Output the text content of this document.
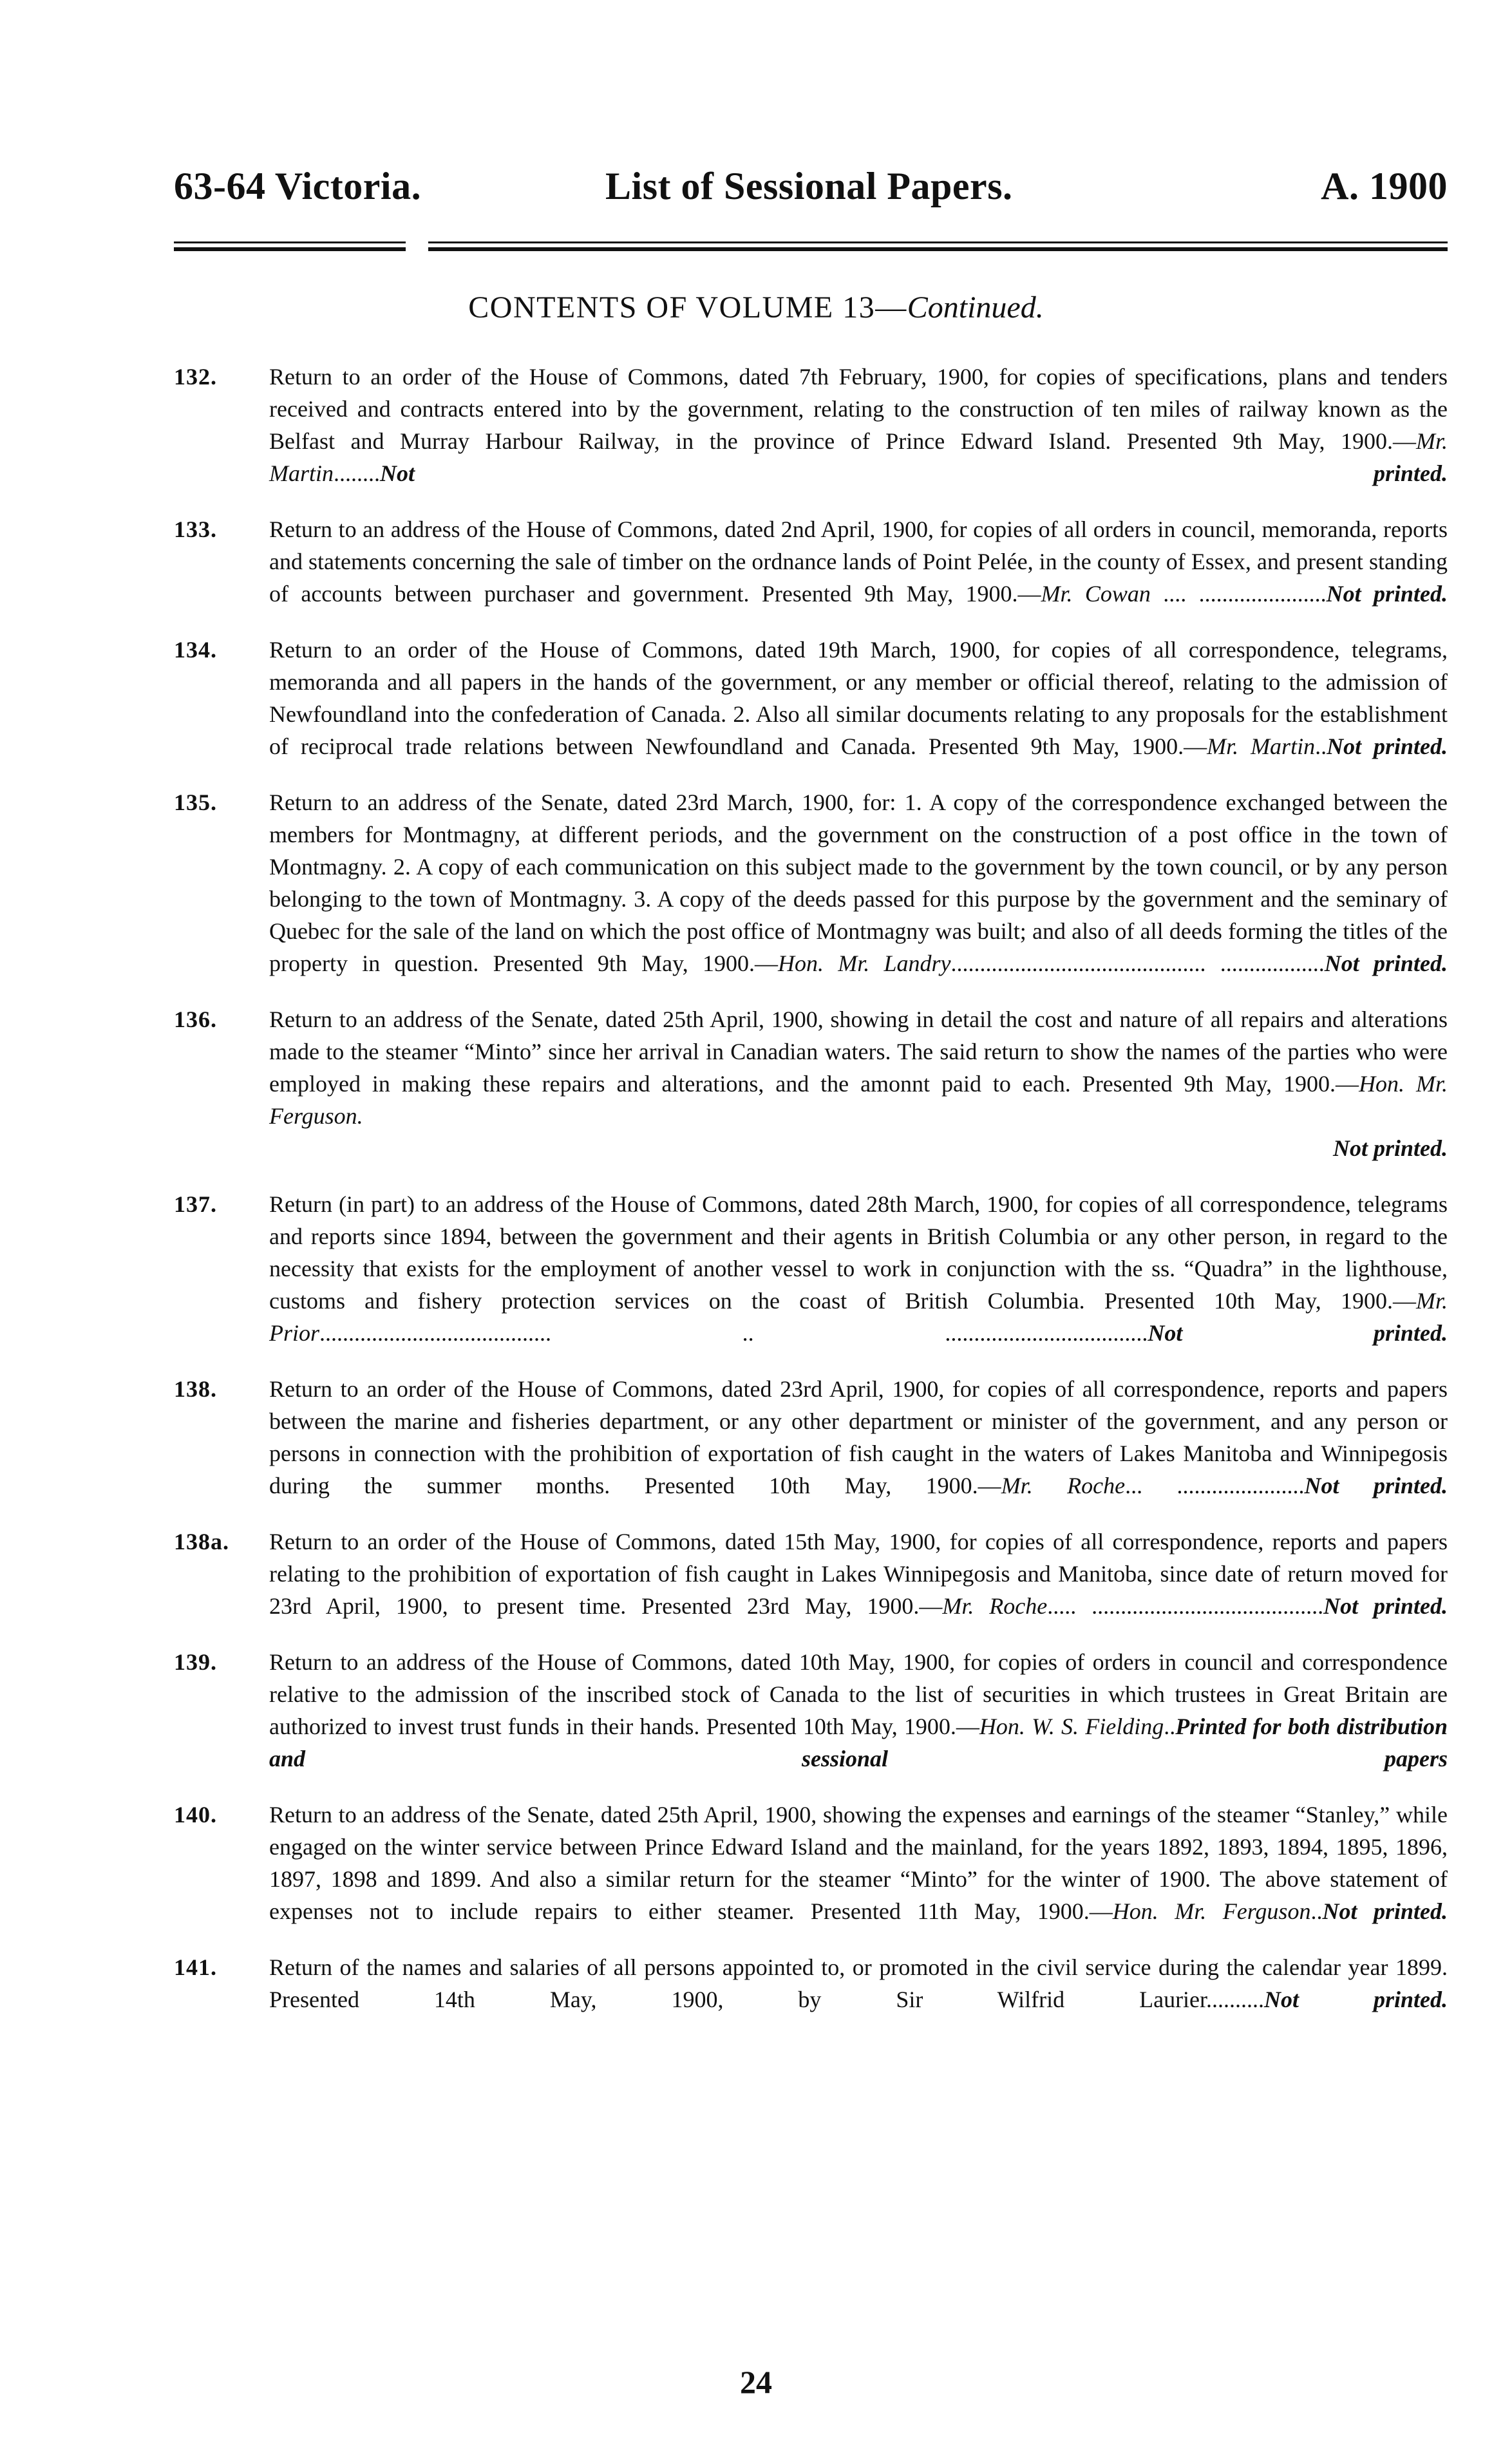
63-64 Victoria.	List of Sessional Papers.	A. 1900
CONTENTS OF VOLUME 13—Continued.
132.	Return to an order of the House of Commons, dated 7th February, 1900, for copies of specifications, plans and tenders received and contracts entered into by the government, relating to the construction of ten miles of railway known as the Belfast and Murray Harbour Railway, in the province of Prince Edward Island. Presented 9th May, 1900.—Mr. Martin........Not printed.
133.	Return to an address of the House of Commons, dated 2nd April, 1900, for copies of all orders in council, memoranda, reports and statements concerning the sale of timber on the ordnance lands of Point Pelée, in the county of Essex, and present standing of accounts between purchaser and government. Presented 9th May, 1900.—Mr. Cowan .... ......................Not printed.
134.	Return to an order of the House of Commons, dated 19th March, 1900, for copies of all correspondence, telegrams, memoranda and all papers in the hands of the government, or any member or official thereof, relating to the admission of Newfoundland into the confederation of Canada. 2. Also all similar documents relating to any proposals for the establishment of reciprocal trade relations between Newfoundland and Canada. Presented 9th May, 1900.—Mr. Martin..Not printed.
135.	Return to an address of the Senate, dated 23rd March, 1900, for: 1. A copy of the correspondence exchanged between the members for Montmagny, at different periods, and the government on the construction of a post office in the town of Montmagny. 2. A copy of each communication on this subject made to the government by the town council, or by any person belonging to the town of Montmagny. 3. A copy of the deeds passed for this purpose by the government and the seminary of Quebec for the sale of the land on which the post office of Montmagny was built; and also of all deeds forming the titles of the property in question. Presented 9th May, 1900.—Hon. Mr. Landry............................................ ..................Not printed.
136.	Return to an address of the Senate, dated 25th April, 1900, showing in detail the cost and nature of all repairs and alterations made to the steamer “Minto” since her arrival in Canadian waters. The said return to show the names of the parties who were employed in making these repairs and alterations, and the amonnt paid to each. Presented 9th May, 1900.—Hon. Mr. Ferguson.
Not printed.
137.	Return (in part) to an address of the House of Commons, dated 28th March, 1900, for copies of all correspondence, telegrams and reports since 1894, between the government and their agents in British Columbia or any other person, in regard to the necessity that exists for the employment of another vessel to work in conjunction with the ss. “Quadra” in the lighthouse, customs and fishery protection services on the coast of British Columbia. Presented 10th May, 1900.—Mr. Prior........................................ .. ...................................Not printed.
138.	Return to an order of the House of Commons, dated 23rd April, 1900, for copies of all correspondence, reports and papers between the marine and fisheries department, or any other department or minister of the government, and any person or persons in connection with the prohibition of exportation of fish caught in the waters of Lakes Manitoba and Winnipegosis during the summer months. Presented 10th May, 1900.—Mr. Roche... ......................Not printed.
138a.	Return to an order of the House of Commons, dated 15th May, 1900, for copies of all correspondence, reports and papers relating to the prohibition of exportation of fish caught in Lakes Winnipegosis and Manitoba, since date of return moved for 23rd April, 1900, to present time. Presented 23rd May, 1900.—Mr. Roche..... ........................................Not printed.
139.	Return to an address of the House of Commons, dated 10th May, 1900, for copies of orders in council and correspondence relative to the admission of the inscribed stock of Canada to the list of securities in which trustees in Great Britain are authorized to invest trust funds in their hands. Presented 10th May, 1900.—Hon. W. S. Fielding..Printed for both distribution and sessional papers
140.	Return to an address of the Senate, dated 25th April, 1900, showing the expenses and earnings of the steamer “Stanley,” while engaged on the winter service between Prince Edward Island and the mainland, for the years 1892, 1893, 1894, 1895, 1896, 1897, 1898 and 1899. And also a similar return for the steamer “Minto” for the winter of 1900. The above statement of expenses not to include repairs to either steamer. Presented 11th May, 1900.—Hon. Mr. Ferguson..Not printed.
141.	Return of the names and salaries of all persons appointed to, or promoted in the civil service during the calendar year 1899. Presented 14th May, 1900, by Sir Wilfrid Laurier..........Not printed.
24
